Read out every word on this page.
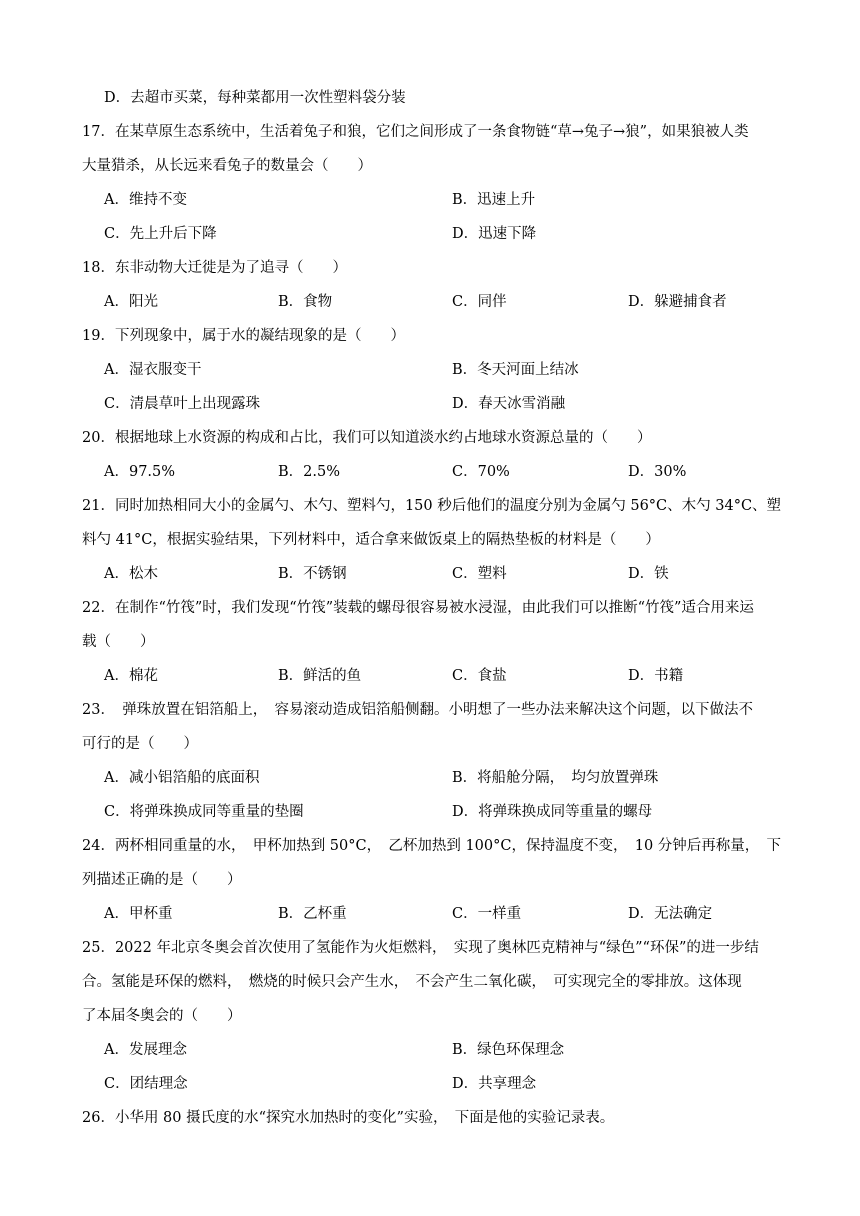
D．去超市买菜，每种菜都用一次性塑料袋分装
17．在某草原生态系统中，生活着兔子和狼，它们之间形成了一条食物链“草→兔子→狼”，如果狼被人类
大量猎杀，从长远来看兔子的数量会（　　）
A．维持不变	B．迅速上升
C．先上升后下降	D．迅速下降
18．东非动物大迁徙是为了追寻（　　）
A．阳光	B．食物	C．同伴	D．躲避捕食者
19．下列现象中，属于水的凝结现象的是（　　）
A．湿衣服变干	B．冬天河面上结冰
C．清晨草叶上出现露珠	D．春天冰雪消融
20．根据地球上水资源的构成和占比，我们可以知道淡水约占地球水资源总量的（　　）
A．97.5%	B．2.5%	C．70%	D．30%
21．同时加热相同大小的金属勺、木勺、塑料勺，150 秒后他们的温度分别为金属勺 56°C、木勺 34°C、塑
料勺 41°C，根据实验结果，下列材料中，适合拿来做饭桌上的隔热垫板的材料是（　　）
A．松木	B．不锈钢	C．塑料	D．铁
22．在制作“竹筏”时，我们发现“竹筏”装载的螺母很容易被水浸湿，由此我们可以推断“竹筏”适合用来运
载（　　）
A．棉花	B．鲜活的鱼	C．食盐	D．书籍
23．　弹珠放置在铝箔船上，　容易滚动造成铝箔船侧翻。小明想了一些办法来解决这个问题，以下做法不
可行的是（　　）
A．减小铝箔船的底面积	B．将船舱分隔，　均匀放置弹珠
C．将弹珠换成同等重量的垫圈	D．将弹珠换成同等重量的螺母
24．两杯相同重量的水，　甲杯加热到 50°C，　乙杯加热到 100°C，保持温度不变，　10 分钟后再称量，　下
列描述正确的是（　　）
A．甲杯重	B．乙杯重	C．一样重	D．无法确定
25．2022 年北京冬奥会首次使用了氢能作为火炬燃料，　实现了奥林匹克精神与“绿色”“环保”的进一步结
合。氢能是环保的燃料，　燃烧的时候只会产生水，　不会产生二氧化碳，　可实现完全的零排放。这体现
了本届冬奥会的（　　）
A．发展理念	B．绿色环保理念
C．团结理念	D．共享理念
26．小华用 80 摄氏度的水“探究水加热时的变化”实验，　下面是他的实验记录表。
